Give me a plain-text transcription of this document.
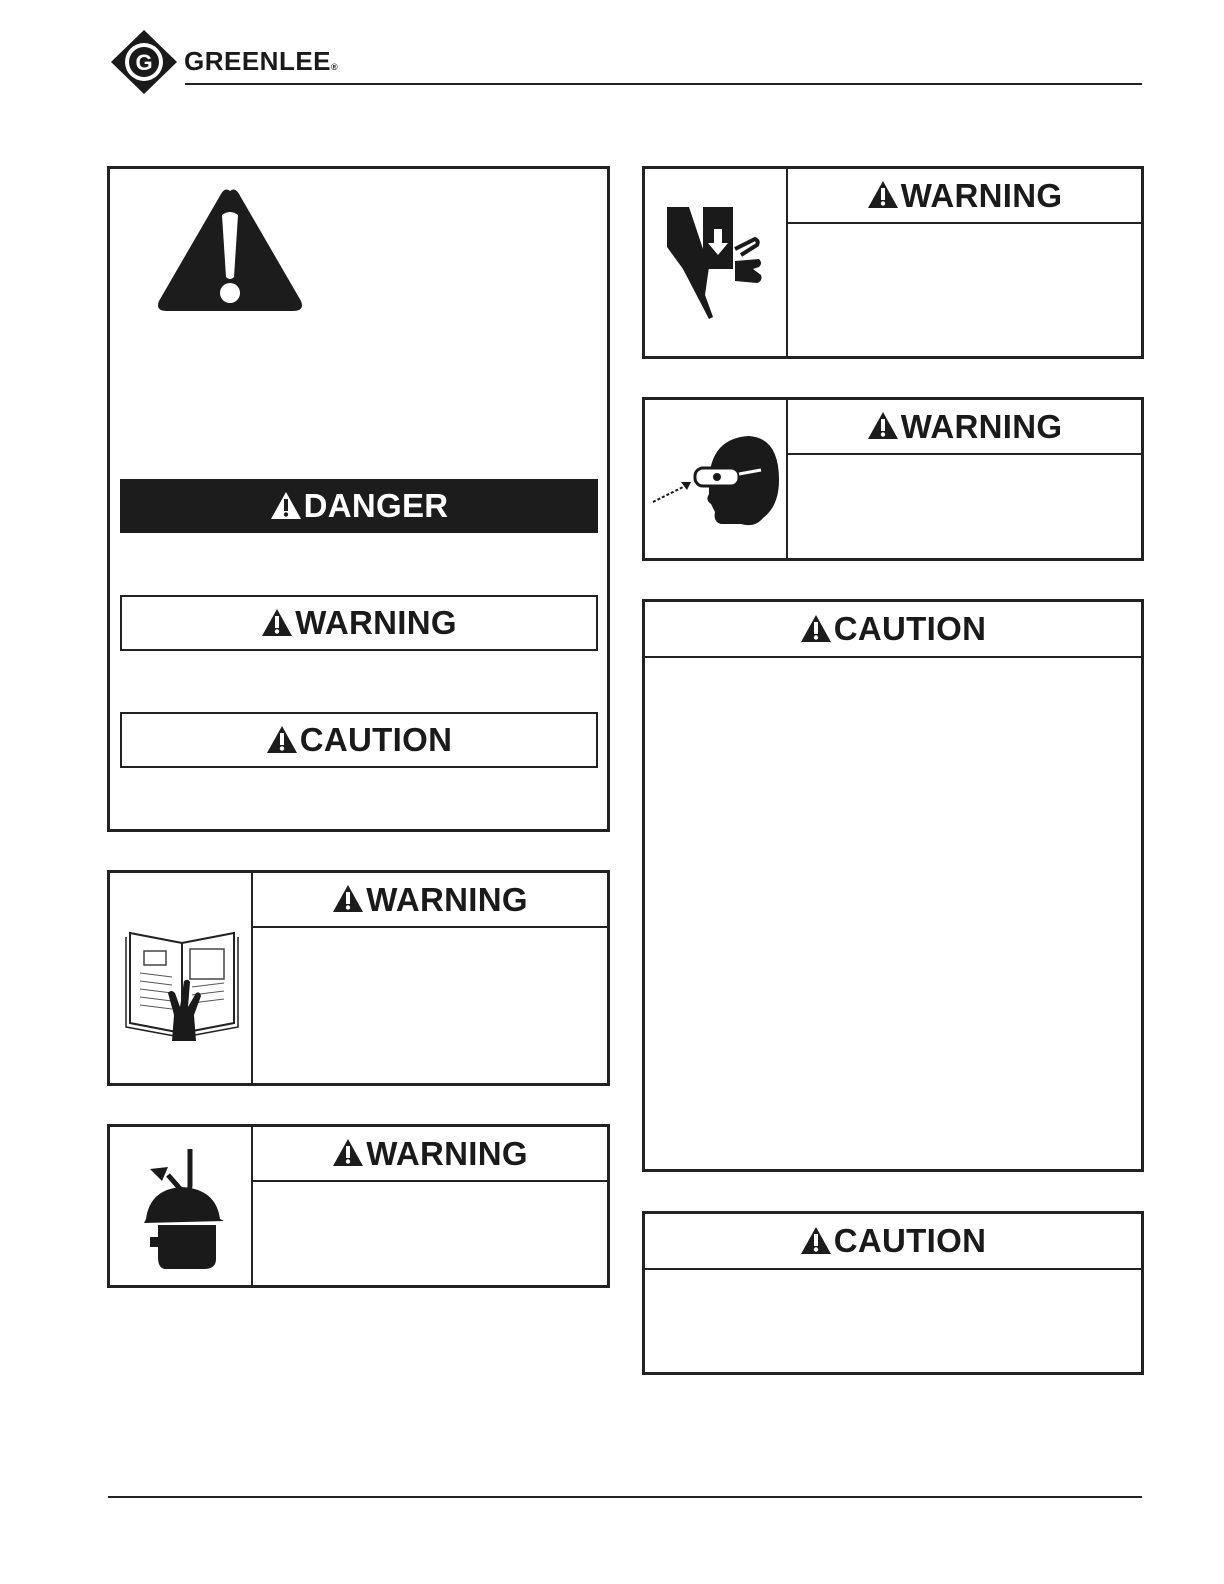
G GREENLEE®
DANGER
WARNING
CAUTION
WARNING
WARNING
WARNING
WARNING
CAUTION
CAUTION
